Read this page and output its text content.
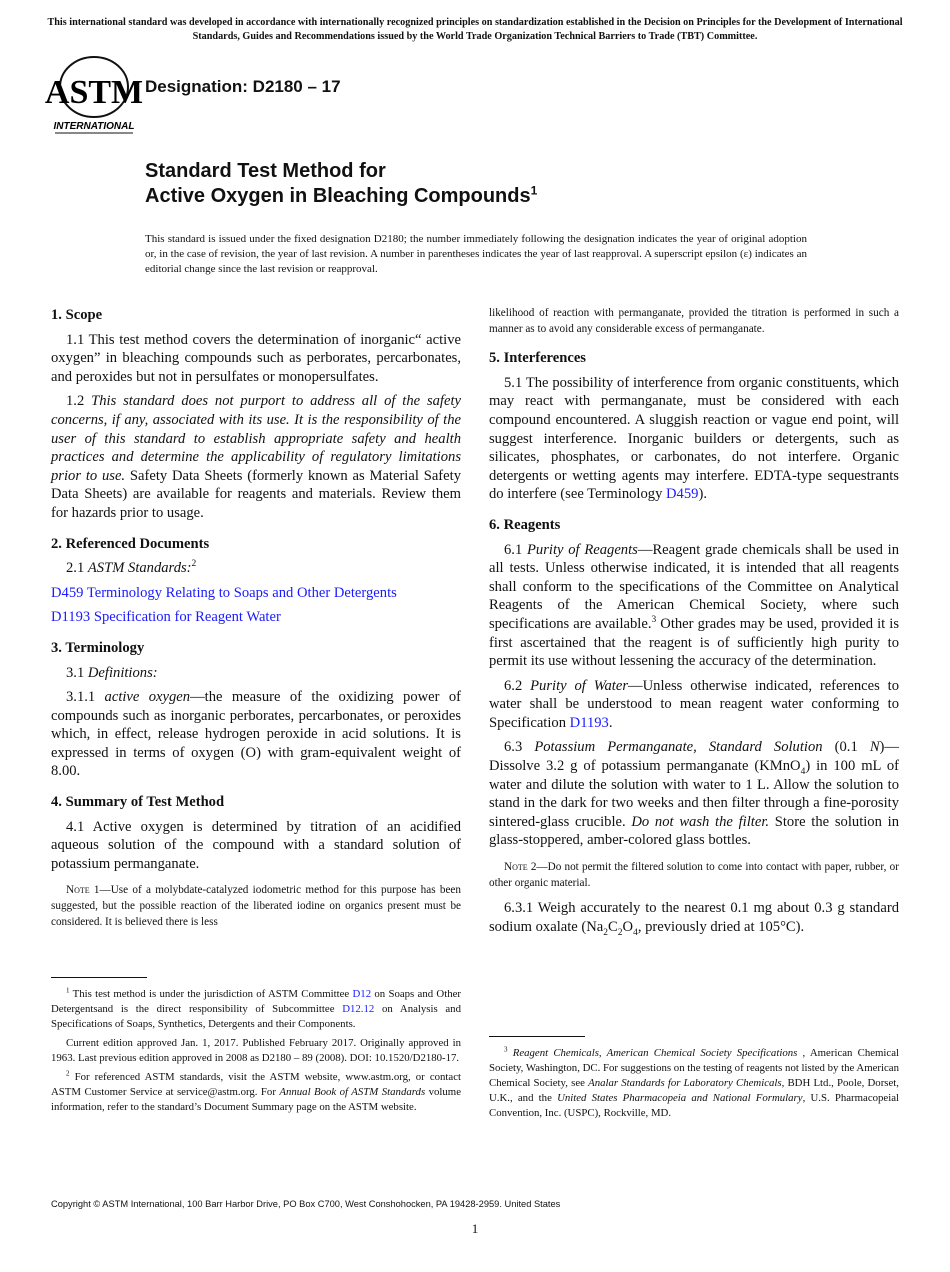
This international standard was developed in accordance with internationally recognized principles on standardization established in the Decision on Principles for the Development of International Standards, Guides and Recommendations issued by the World Trade Organization Technical Barriers to Trade (TBT) Committee.
ASTM
INTERNATIONAL
Designation: D2180 – 17
Standard Test Method for
Active Oxygen in Bleaching Compounds$^1$
This standard is issued under the fixed designation D2180; the number immediately following the designation indicates the year of original adoption or, in the case of revision, the year of last revision. A number in parentheses indicates the year of last reapproval. A superscript epsilon (ε) indicates an editorial change since the last revision or reapproval.
1. Scope

1.1 This test method covers the determination of inorganic“ active oxygen” in bleaching compounds such as perborates, percarbonates, and peroxides but not in persulfates or monopersulfates.

1.2 This standard does not purport to address all of the safety concerns, if any, associated with its use. It is the responsibility of the user of this standard to establish appropriate safety and health practices and determine the applicability of regulatory limitations prior to use. Safety Data Sheets (formerly known as Material Safety Data Sheets) are available for reagents and materials. Review them for hazards prior to usage.

2. Referenced Documents

2.1 ASTM Standards:$^2$

D459 Terminology Relating to Soaps and Other Detergents

D1193 Specification for Reagent Water

3. Terminology

3.1 Definitions:

3.1.1 active oxygen—the measure of the oxidizing power of compounds such as inorganic perborates, percarbonates, or peroxides which, in effect, release hydrogen peroxide in acid solutions. It is expressed in terms of oxygen (O) with gram-equivalent weight of 8.00.

4. Summary of Test Method

4.1 Active oxygen is determined by titration of an acidified aqueous solution of the compound with a standard solution of potassium permanganate.

Note 1—Use of a molybdate-catalyzed iodometric method for this purpose has been suggested, but the possible reaction of the liberated iodine on organics present must be considered. It is believed there is less

likelihood of reaction with permanganate, provided the titration is performed in such a manner as to avoid any considerable excess of permanganate.

5. Interferences

5.1 The possibility of interference from organic constituents, which may react with permanganate, must be considered with each compound encountered. A sluggish reaction or vague end point, will suggest interference. Inorganic builders or detergents, such as silicates, phosphates, or carbonates, do not interfere. Organic detergents or wetting agents may interfere. EDTA-type sequestrants do interfere (see Terminology D459).

6. Reagents

6.1 Purity of Reagents—Reagent grade chemicals shall be used in all tests. Unless otherwise indicated, it is intended that all reagents shall conform to the specifications of the Committee on Analytical Reagents of the American Chemical Society, where such specifications are available.$^3$ Other grades may be used, provided it is first ascertained that the reagent is of sufficiently high purity to permit its use without lessening the accuracy of the determination.

6.2 Purity of Water—Unless otherwise indicated, references to water shall be understood to mean reagent water conforming to Specification D1193.

6.3 Potassium Permanganate, Standard Solution (0.1 N)—Dissolve 3.2 g of potassium permanganate (KMnO$_4$) in 100 mL of water and dilute the solution with water to 1 L. Allow the solution to stand in the dark for two weeks and then filter through a fine-porosity sintered-glass crucible. Do not wash the filter. Store the solution in glass-stoppered, amber-colored glass bottles.

Note 2—Do not permit the filtered solution to come into contact with paper, rubber, or other organic material.

6.3.1 Weigh accurately to the nearest 0.1 mg about 0.3 g standard sodium oxalate ($Na_2C_2O_4$, previously dried at 105°C).

$^1$ This test method is under the jurisdiction of ASTM Committee D12 on Soaps and Other Detergentsand is the direct responsibility of Subcommittee D12.12 on Analysis and Specifications of Soaps, Synthetics, Detergents and their Components.

Current edition approved Jan. 1, 2017. Published February 2017. Originally approved in 1963. Last previous edition approved in 2008 as D2180 – 89 (2008). DOI: 10.1520/D2180-17.

$^2$ For referenced ASTM standards, visit the ASTM website, www.astm.org, or contact ASTM Customer Service at service@astm.org. For Annual Book of ASTM Standards volume information, refer to the standard’s Document Summary page on the ASTM website.

$^3$ Reagent Chemicals, American Chemical Society Specifications , American Chemical Society, Washington, DC. For suggestions on the testing of reagents not listed by the American Chemical Society, see Analar Standards for Laboratory Chemicals, BDH Ltd., Poole, Dorset, U.K., and the United States Pharmacopeia and National Formulary, U.S. Pharmacopeial Convention, Inc. (USPC), Rockville, MD.

Copyright © ASTM International, 100 Barr Harbor Drive, PO Box C700, West Conshohocken, PA 19428-2959. United States
1
